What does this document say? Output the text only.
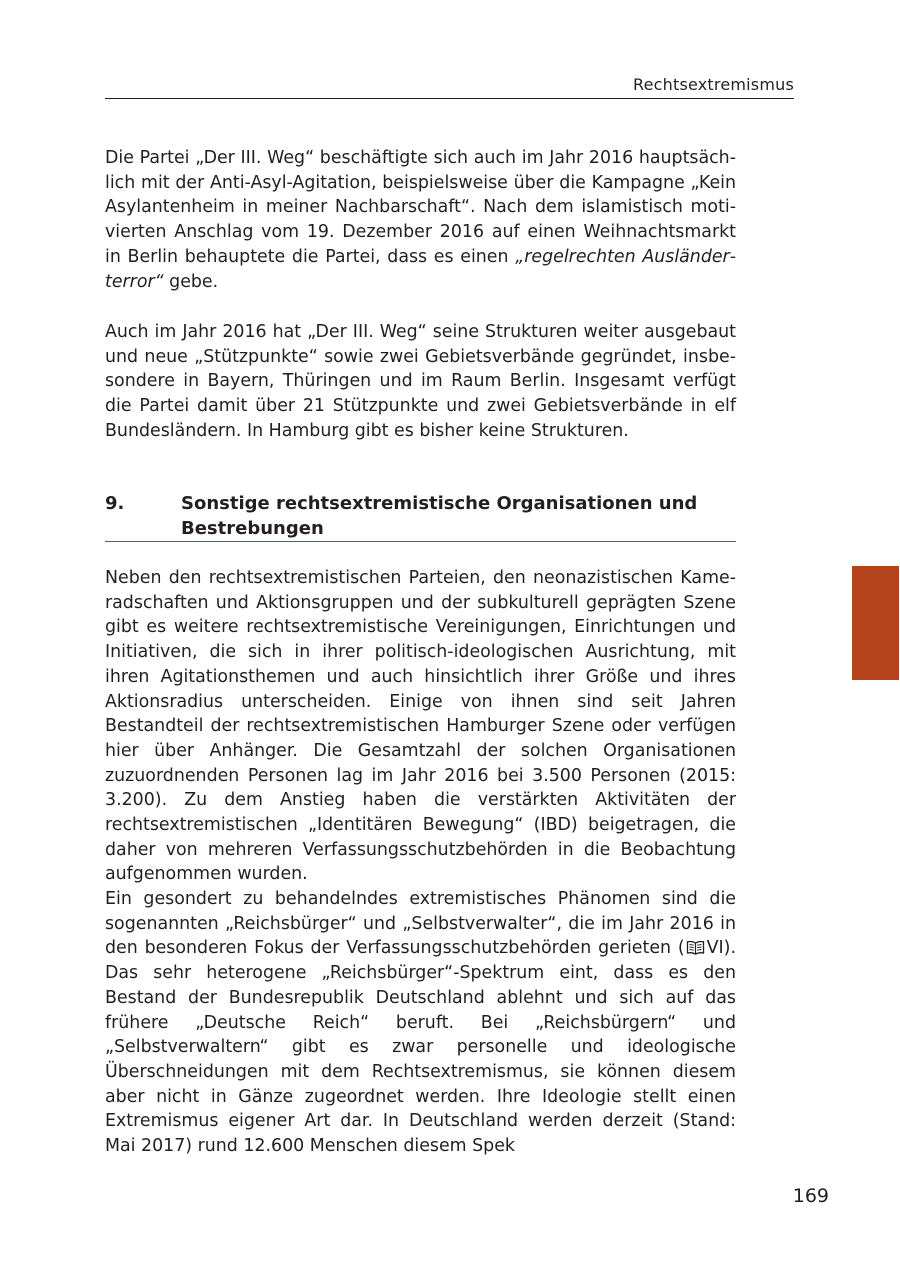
Rechtsextremismus

Die Partei „Der III. Weg“ beschäftigte sich auch im Jahr 2016 hauptsächlich mit der Anti-Asyl-Agitation, beispielsweise über die Kampagne „Kein Asylantenheim in meiner Nachbarschaft“. Nach dem islamistisch motivierten Anschlag vom 19. Dezember 2016 auf einen Weihnachtsmarkt in Berlin behauptete die Partei, dass es einen „regelrechten Ausländerterror“ gebe.

Auch im Jahr 2016 hat „Der III. Weg“ seine Strukturen weiter ausgebaut und neue „Stützpunkte“ sowie zwei Gebietsverbände gegründet, insbesondere in Bayern, Thüringen und im Raum Berlin. Insgesamt verfügt die Partei damit über 21 Stützpunkte und zwei Gebietsverbände in elf Bundesländern. In Hamburg gibt es bisher keine Strukturen.

9.	Sonstige rechtsextremistische Organisationen und Bestrebungen

Neben den rechtsextremistischen Parteien, den neonazistischen Kameradschaften und Aktionsgruppen und der subkulturell geprägten Szene gibt es weitere rechtsextremistische Vereinigungen, Einrichtungen und Initiativen, die sich in ihrer politisch-ideologischen Ausrichtung, mit ihren Agitationsthemen und auch hinsichtlich ihrer Größe und ihres Aktionsradius unterscheiden. Einige von ihnen sind seit Jahren Bestandteil der rechtsextremistischen Hamburger Szene oder verfügen hier über Anhänger. Die Gesamtzahl der solchen Organisationen zuzuordnenden Personen lag im Jahr 2016 bei 3.500 Personen (2015: 3.200). Zu dem Anstieg haben die verstärkten Aktivitäten der rechtsextremistischen „Identitären Bewegung“ (IBD) beigetragen, die daher von mehreren Verfassungsschutzbehörden in die Beobachtung aufgenommen wurden.

Ein gesondert zu behandelndes extremistisches Phänomen sind die sogenannten „Reichsbürger“ und „Selbstverwalter“, die im Jahr 2016 in den besonderen Fokus der Verfassungsschutzbehörden gerieten ( VI). Das sehr heterogene „Reichsbürger“-Spektrum eint, dass es den Bestand der Bundesrepublik Deutschland ablehnt und sich auf das frühere „Deutsche Reich“ beruft. Bei „Reichsbürgern“ und „Selbstverwaltern“ gibt es zwar personelle und ideologische Überschneidungen mit dem Rechtsextremismus, sie können diesem aber nicht in Gänze zugeordnet werden. Ihre Ideologie stellt einen Extremismus eigener Art dar. In Deutschland werden derzeit (Stand: Mai 2017) rund 12.600 Menschen diesem Spek

169
